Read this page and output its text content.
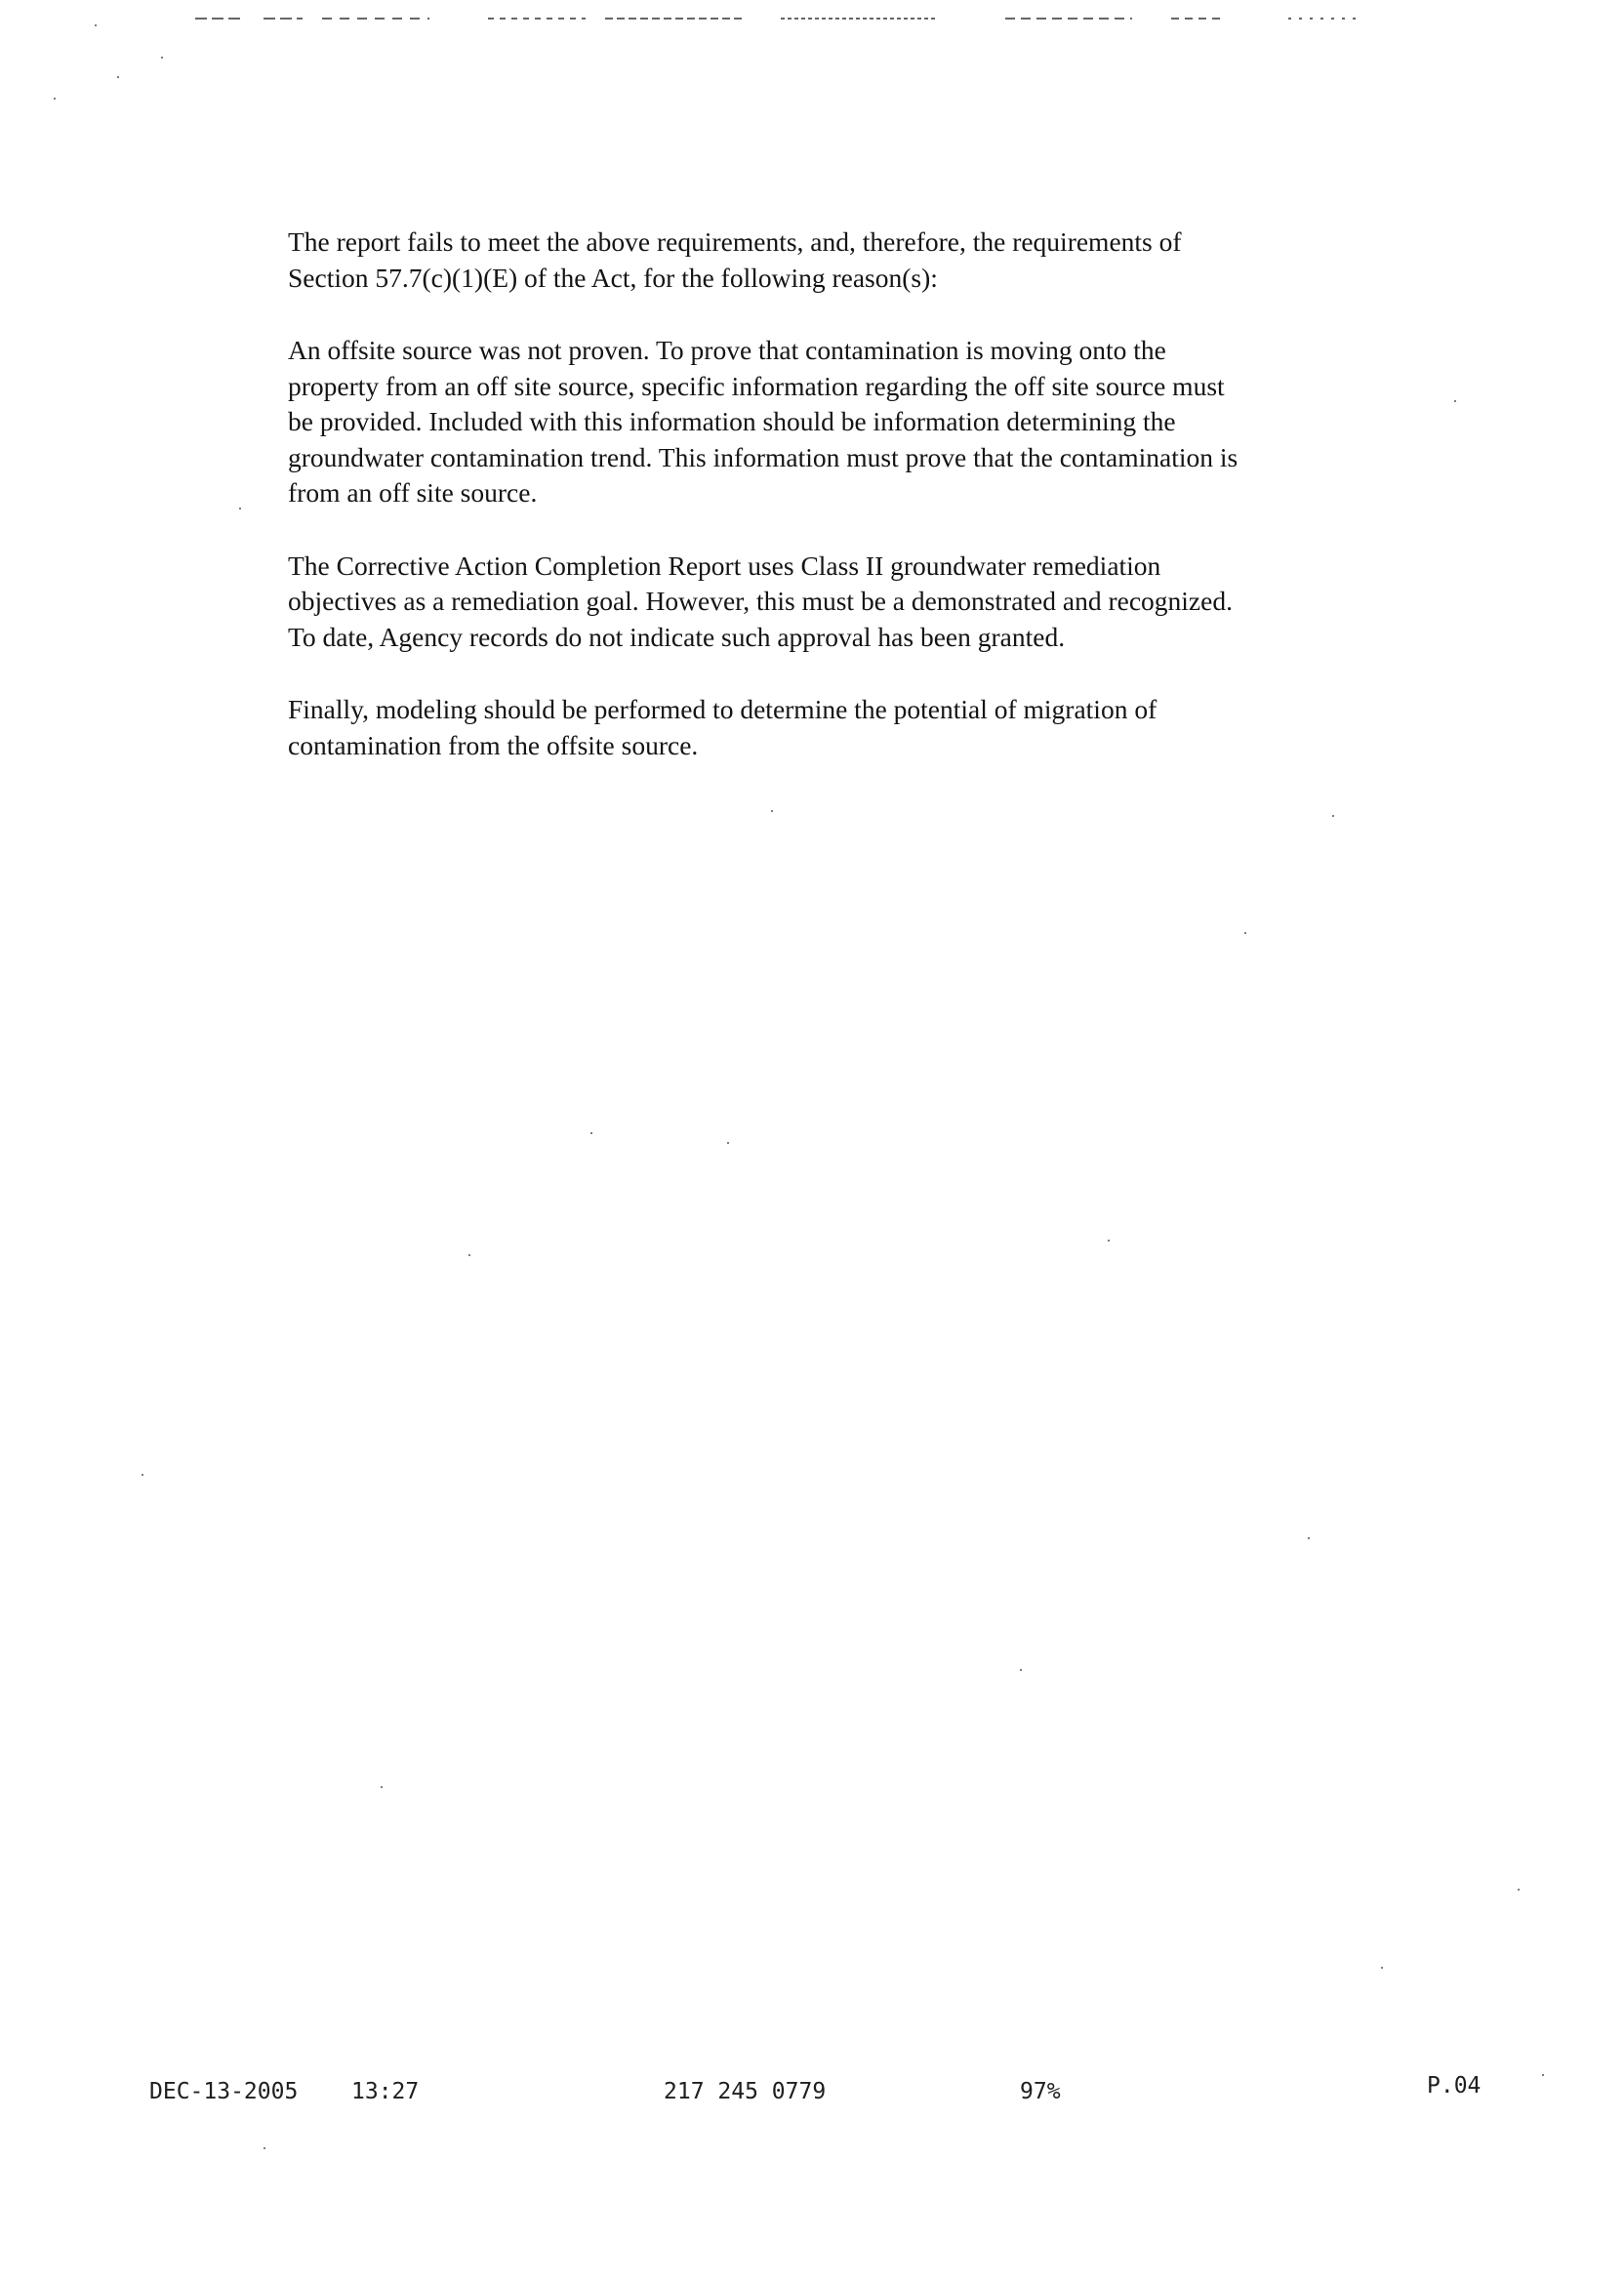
The report fails to meet the above requirements, and, therefore, the requirements of
Section 57.7(c)(1)(E) of the Act, for the following reason(s):

An offsite source was not proven. To prove that contamination is moving onto the
property from an off site source, specific information regarding the off site source must
be provided. Included with this information should be information determining the
groundwater contamination trend. This information must prove that the contamination is
from an off site source.

The Corrective Action Completion Report uses Class II groundwater remediation
objectives as a remediation goal. However, this must be a demonstrated and recognized.
To date, Agency records do not indicate such approval has been granted.

Finally, modeling should be performed to determine the potential of migration of
contamination from the offsite source.

DEC-13-2005 13:27	217 245 0779	97%	P.04
